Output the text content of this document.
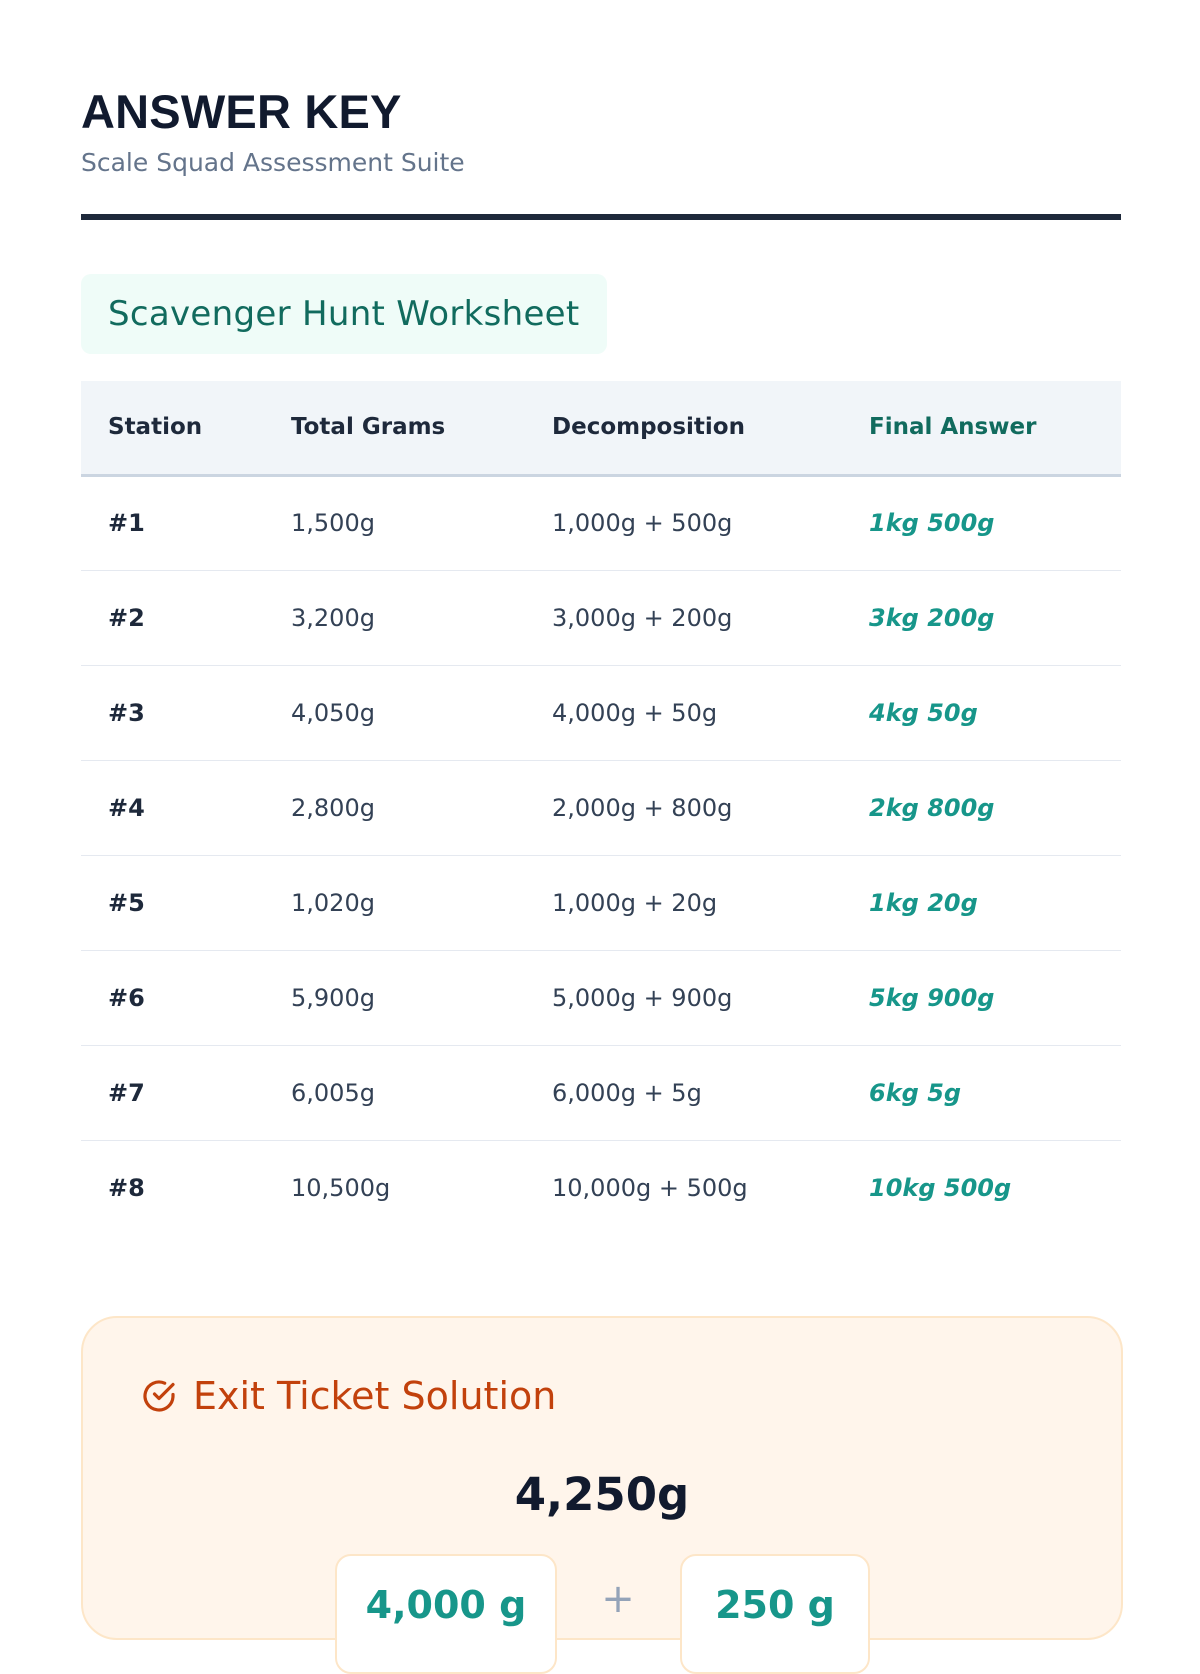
ANSWER KEY

Scale Squad Assessment Suite

Scavenger Hunt Worksheet
Station	Total Grams	Decomposition	Final Answer
#1	1,500g	1,000g + 500g	1kg 500g
#2	3,200g	3,000g + 200g	3kg 200g
#3	4,050g	4,000g + 50g	4kg 50g
#4	2,800g	2,000g + 800g	2kg 800g
#5	1,020g	1,000g + 20g	1kg 20g
#6	5,900g	5,000g + 900g	5kg 900g
#7	6,005g	6,000g + 5g	6kg 5g
#8	10,500g	10,000g + 500g	10kg 500g
Exit Ticket Solution
4,250g
4,000 g	+	250 g
